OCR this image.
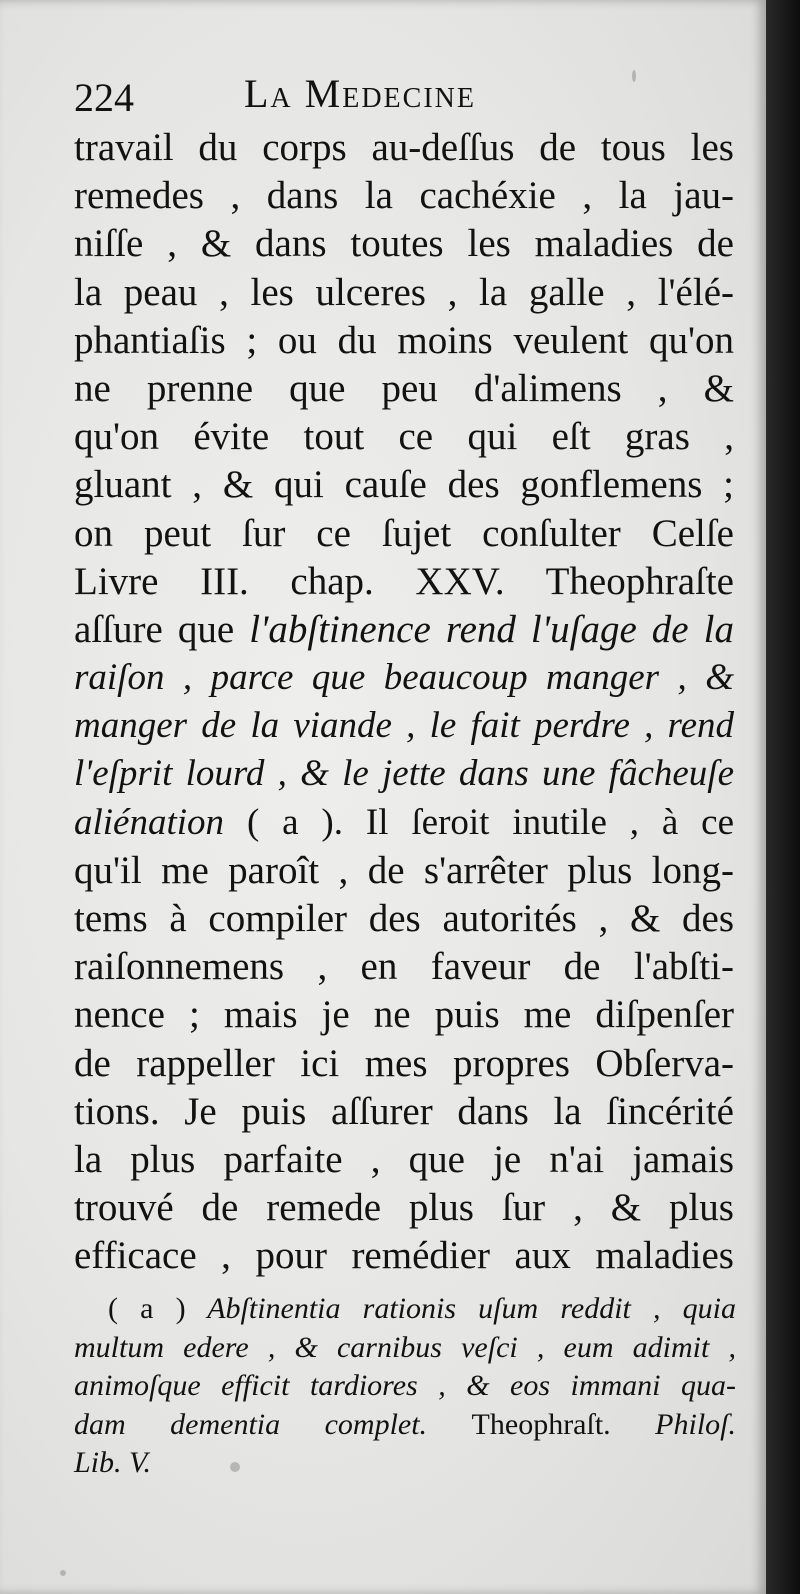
224	La Medecine
travail du corps au-deſſus de tous les
remedes , dans la cachéxie , la jau-
niſſe , & dans toutes les maladies de
la peau , les ulceres , la galle , l'élé-
phantiaſis ; ou du moins veulent qu'on
ne prenne que peu d'alimens , &
qu'on évite tout ce qui eſt gras ,
gluant , & qui cauſe des gonflemens ;
on peut ſur ce ſujet conſulter Celſe
Livre III. chap. XXV. Theophraſte
aſſure que l'abſtinence rend l'uſage de la
raiſon , parce que beaucoup manger , &
manger de la viande , le fait perdre , rend
l'eſprit lourd , & le jette dans une fâcheuſe
aliénation ( a ). Il ſeroit inutile , à ce
qu'il me paroît , de s'arrêter plus long-
tems à compiler des autorités , & des
raiſonnemens , en faveur de l'abſti-
nence ; mais je ne puis me diſpenſer
de rappeller ici mes propres Obſerva-
tions. Je puis aſſurer dans la ſincérité
la plus parfaite , que je n'ai jamais
trouvé de remede plus ſur , & plus
efficace , pour remédier aux maladies
( a ) Abſtinentia rationis uſum reddit , quia
multum edere , & carnibus veſci , eum adimit ,
animoſque efficit tardiores , & eos immani qua-
dam dementia complet. Theophraſt. Philoſ.
Lib. V.
